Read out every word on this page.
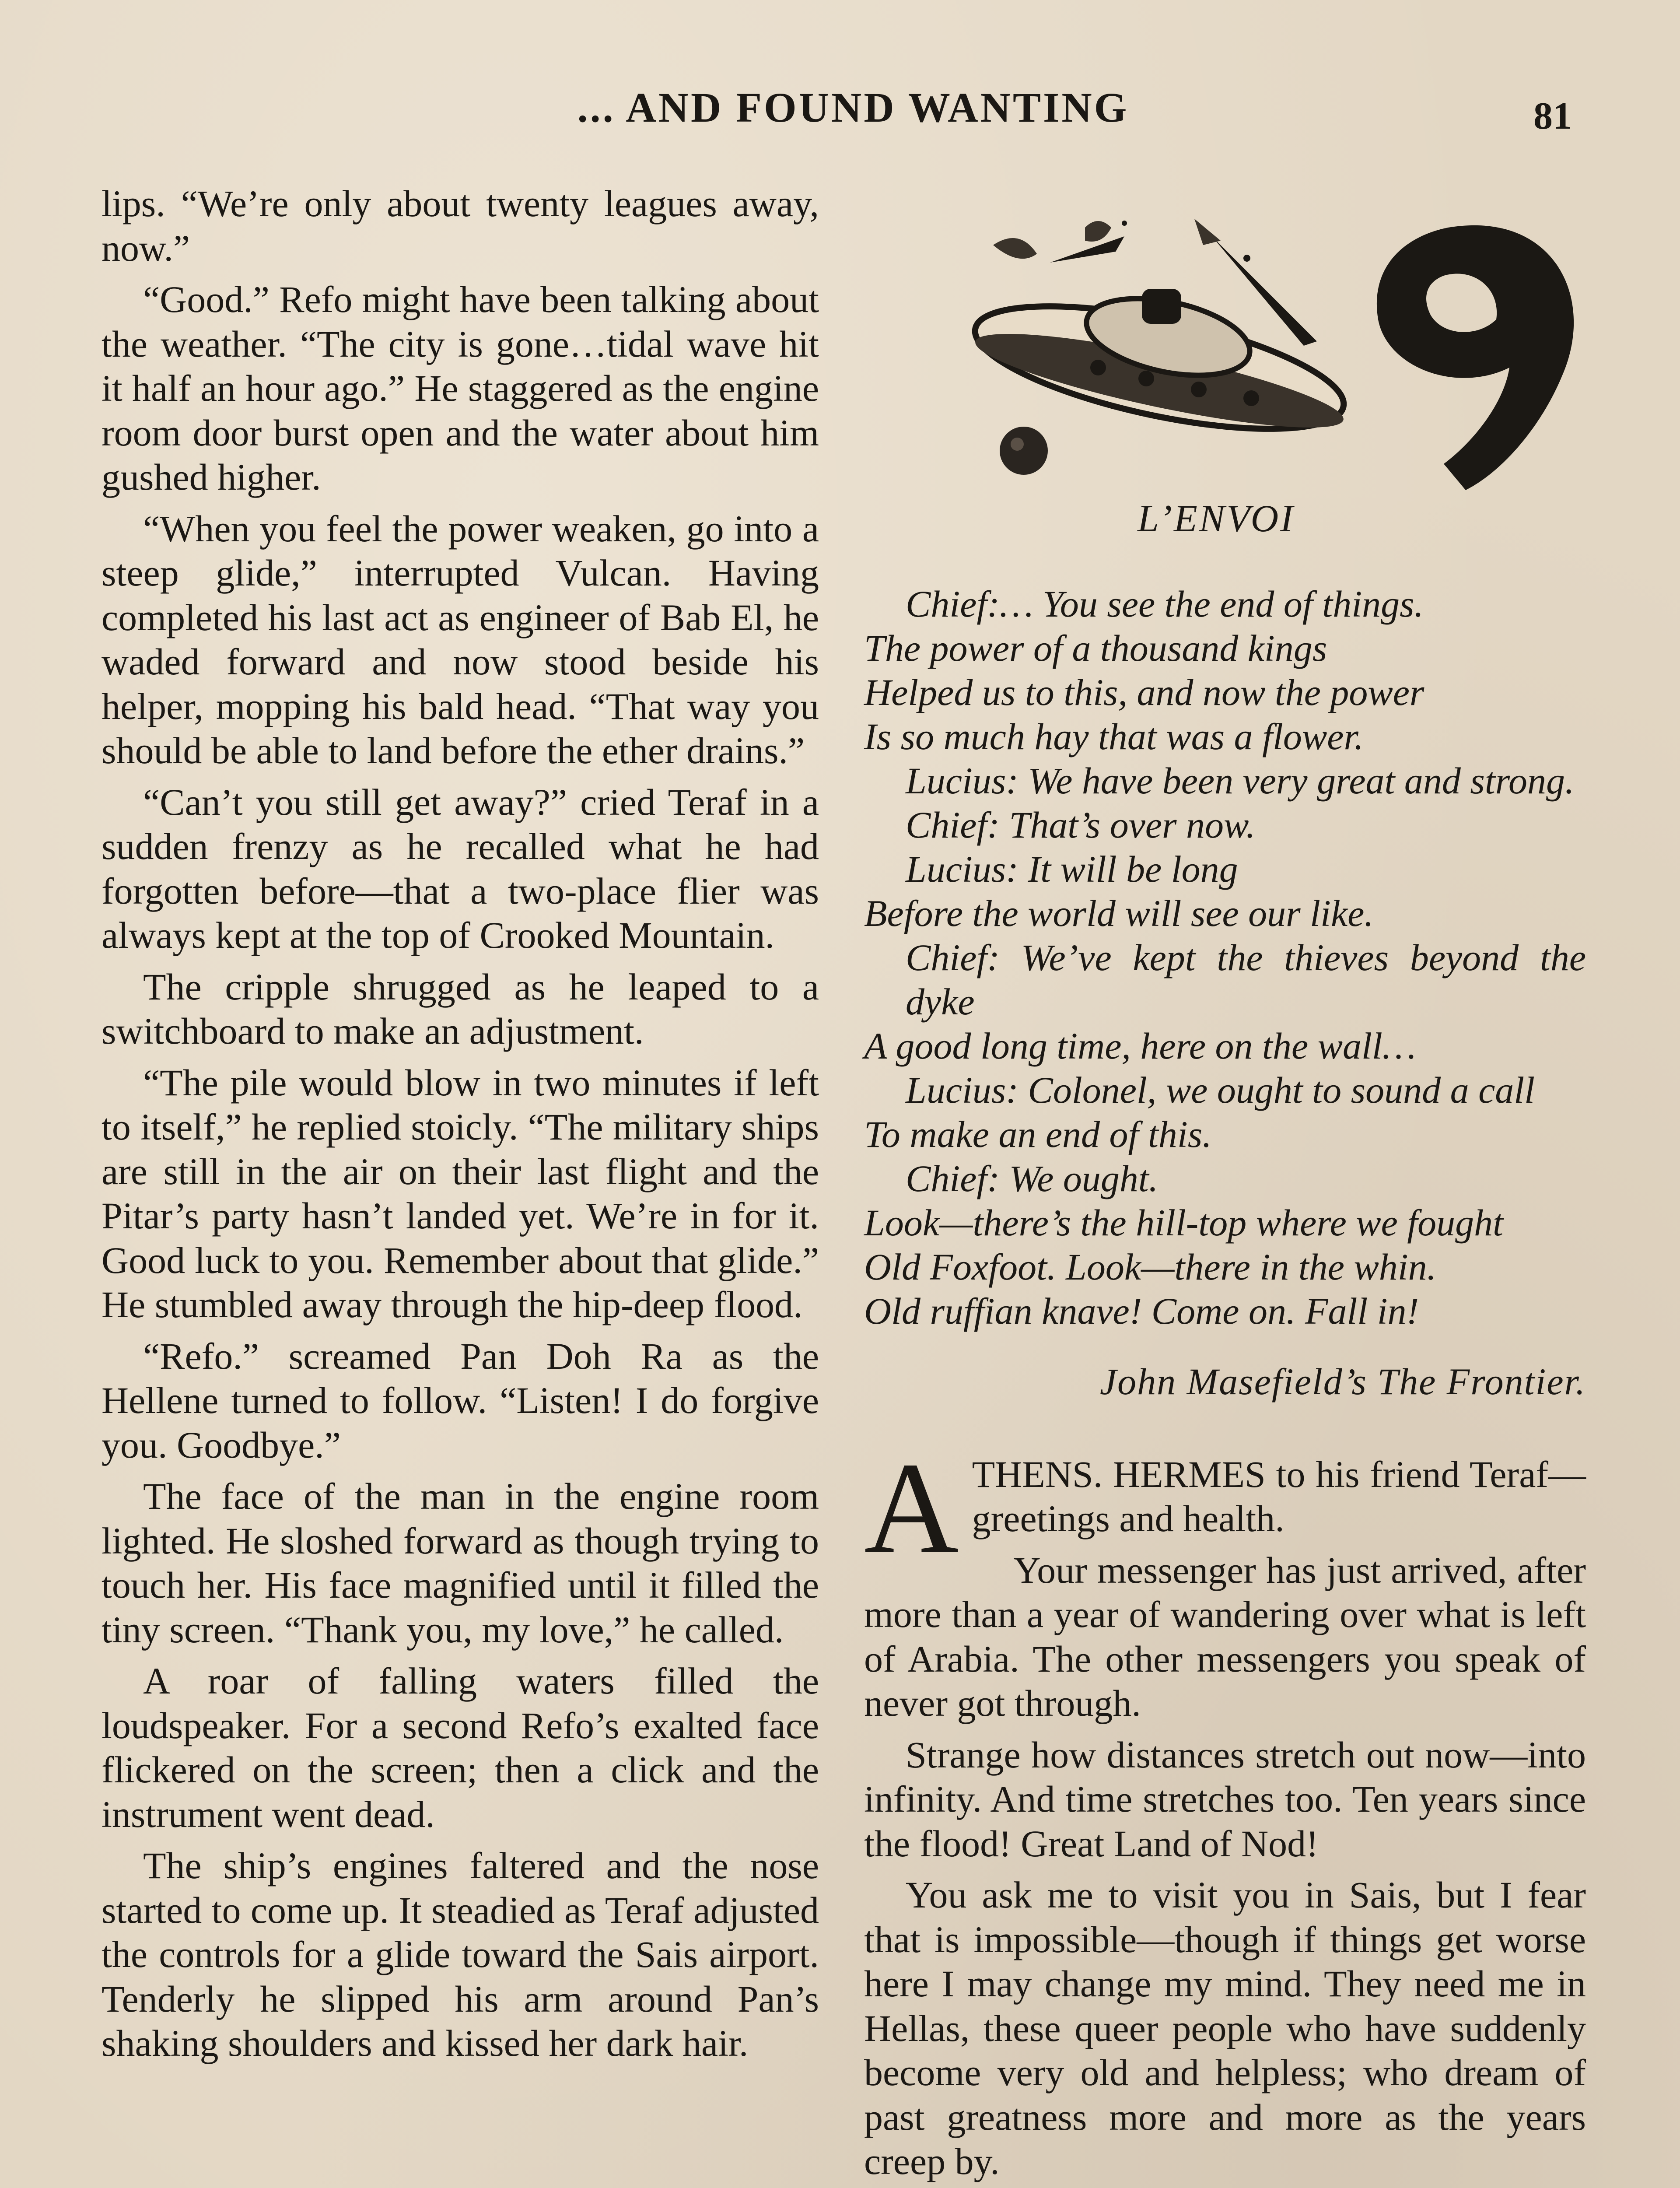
... AND FOUND WANTING	81

lips. “We’re only about twenty leagues away, now.”

“Good.” Refo might have been talking about the weather. “The city is gone…tidal wave hit it half an hour ago.” He staggered as the engine room door burst open and the water about him gushed higher.

“When you feel the power weaken, go into a steep glide,” interrupted Vulcan. Having completed his last act as engineer of Bab El, he waded forward and now stood beside his helper, mopping his bald head. “That way you should be able to land before the ether drains.”

“Can’t you still get away?” cried Teraf in a sudden frenzy as he recalled what he had forgotten before—that a two-place flier was always kept at the top of Crooked Mountain.

The cripple shrugged as he leaped to a switchboard to make an adjustment.

“The pile would blow in two minutes if left to itself,” he replied stoicly. “The military ships are still in the air on their last flight and the Pitar’s party hasn’t landed yet. We’re in for it. Good luck to you. Remember about that glide.” He stumbled away through the hip-deep flood.

“Refo.” screamed Pan Doh Ra as the Hellene turned to follow. “Listen! I do forgive you. Goodbye.”

The face of the man in the engine room lighted. He sloshed forward as though trying to touch her. His face magnified until it filled the tiny screen. “Thank you, my love,” he called.

A roar of falling waters filled the loudspeaker. For a second Refo’s exalted face flickered on the screen; then a click and the instrument went dead.

The ship’s engines faltered and the nose started to come up. It steadied as Teraf adjusted the controls for a glide toward the Sais airport. Tenderly he slipped his arm around Pan’s shaking shoulders and kissed her dark hair.

L’ENVOI
Chief:… You see the end of things.
The power of a thousand kings
Helped us to this, and now the power
Is so much hay that was a flower.
Lucius: We have been very great and strong.
Chief: That’s over now.
Lucius: It will be long
Before the world will see our like.
Chief: We’ve kept the thieves beyond the dyke
A good long time, here on the wall…
Lucius: Colonel, we ought to sound a call
To make an end of this.
Chief: We ought.
Look—there’s the hill-top where we fought
Old Foxfoot. Look—there in the whin.
Old ruffian knave! Come on. Fall in!
John Masefield’s The Frontier.

ATHENS. HERMES to his friend Teraf—greetings and health.

Your messenger has just arrived, after more than a year of wandering over what is left of Arabia. The other messengers you speak of never got through.

Strange how distances stretch out now—into infinity. And time stretches too. Ten years since the flood! Great Land of Nod!

You ask me to visit you in Sais, but I fear that is impossible—though if things get worse here I may change my mind. They need me in Hellas, these queer people who have suddenly become very old and helpless; who dream of past greatness more and more as the years creep by.
